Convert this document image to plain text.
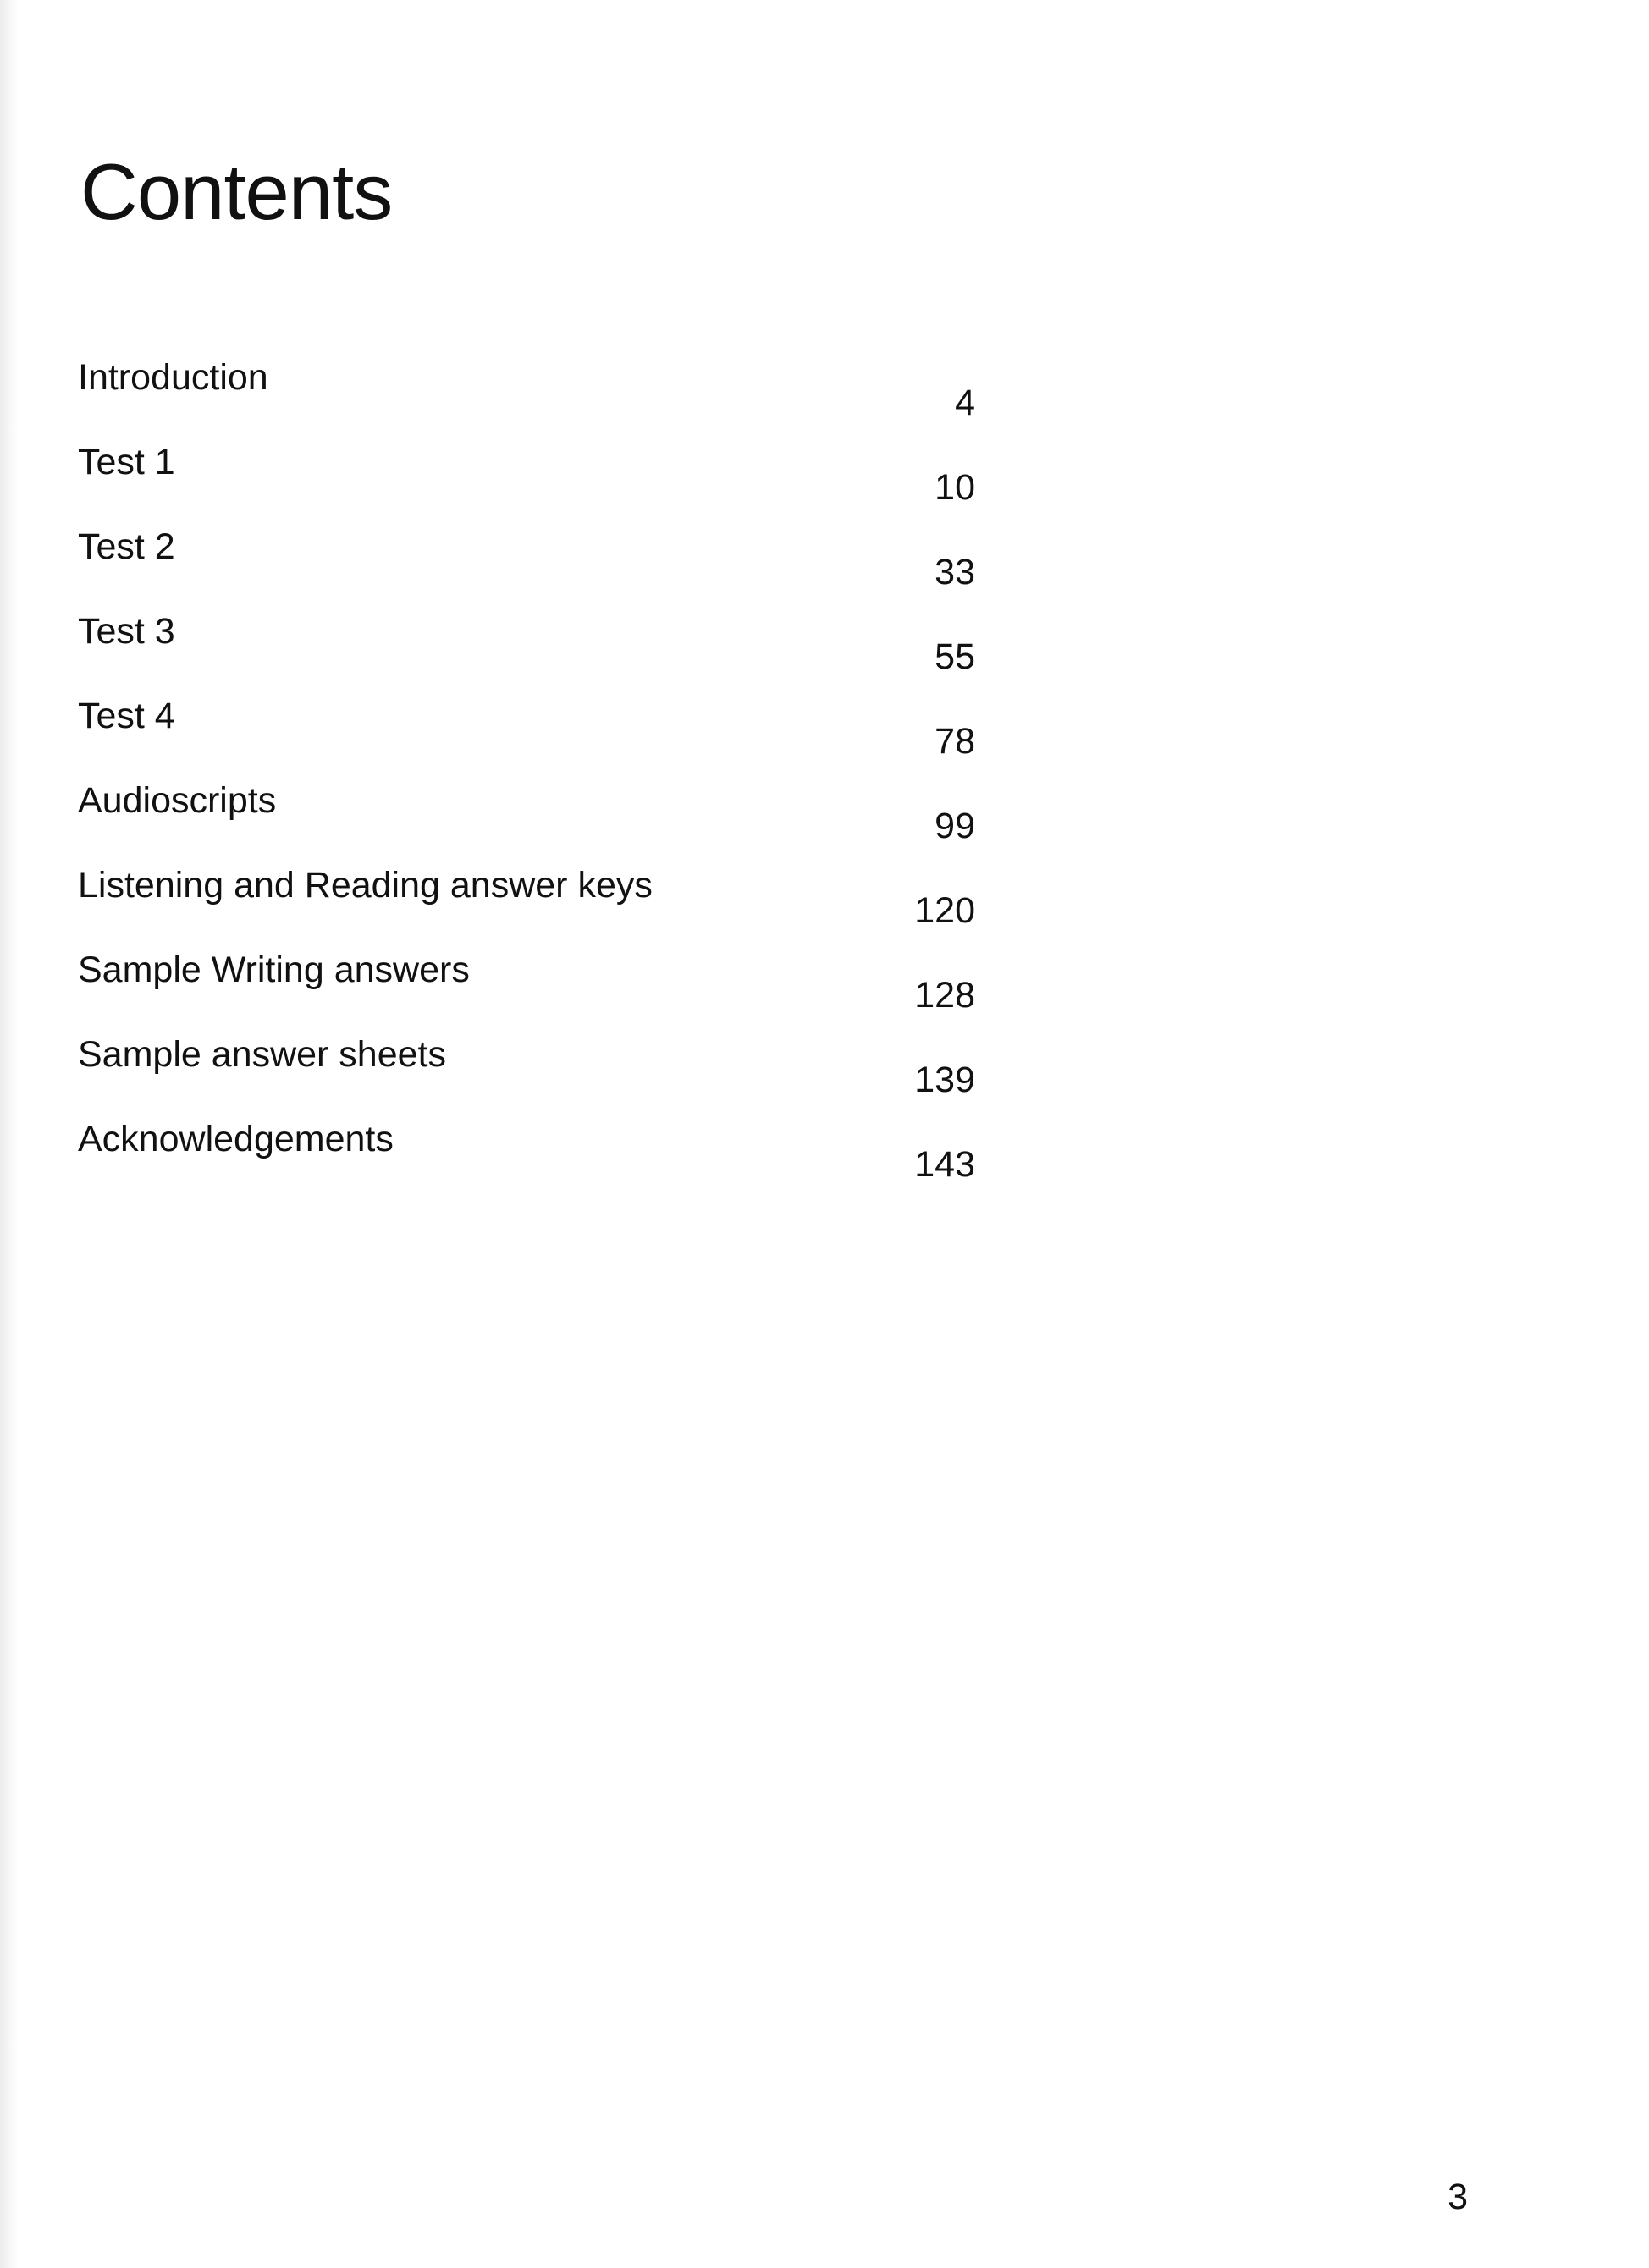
Contents
Introduction
4
Test 1
10
Test 2
33
Test 3
55
Test 4
78
Audioscripts
99
Listening and Reading answer keys
120
Sample Writing answers
128
Sample answer sheets
139
Acknowledgements
143
3
